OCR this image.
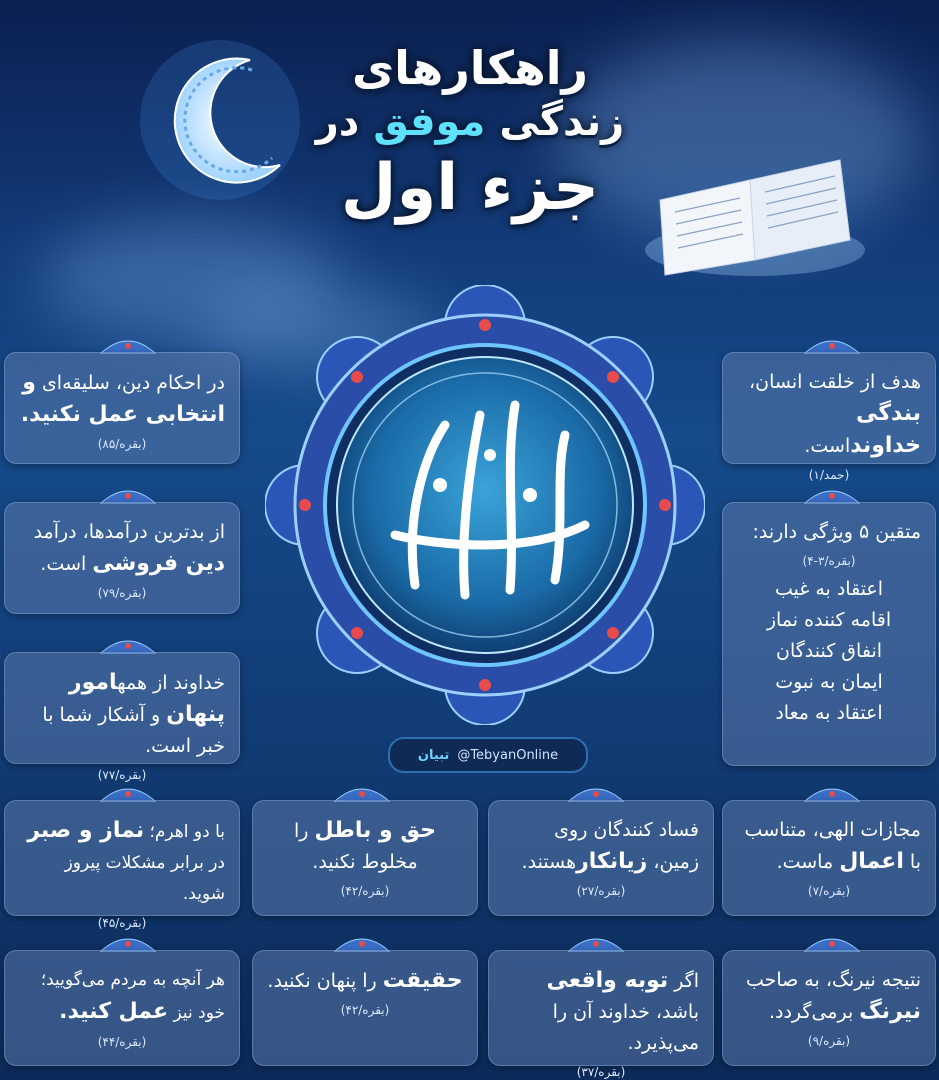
راهکارهای
زندگی موفق در
جزء اول
تبیان @TebyanOnline

هدف از خلقت انسان، بندگی خداونداست.

(حمد/۱)

متقین ۵ ویژگی دارند:

(بقره/۳-۴)
اعتقاد به غیب
اقامه کننده نماز
انفاق کنندگان
ایمان به نبوت
اعتقاد به معاد

در احکام دین، سلیقه‌ای و انتخابی عمل نکنید.

(بقره/۸۵)

از بدترین درآمدها، درآمد دین فروشی است.

(بقره/۷۹)

خداوند از همهامور پنهان و آشکار شما با خبر است.

(بقره/۷۷)

مجازات الهی، متناسب با اعمال ماست.

(بقره/۷)

فساد کنندگان روی زمین، زیانکارهستند.

(بقره/۲۷)

حق و باطل را مخلوط نکنید.

(بقره/۴۲)

با دو اهرم؛ نماز و صبر در برابر مشکلات پیروز شوید.

(بقره/۴۵)

نتیجه نیرنگ، به صاحب نیرنگ برمی‌گردد.

(بقره/۹)

اگر توبه واقعی باشد، خداوند آن را می‌پذیرد.

(بقره/۳۷)

حقیقت را پنهان نکنید.

(بقره/۴۲)

هر آنچه به مردم می‌گویید؛ خود نیز عمل کنید.

(بقره/۴۴)
